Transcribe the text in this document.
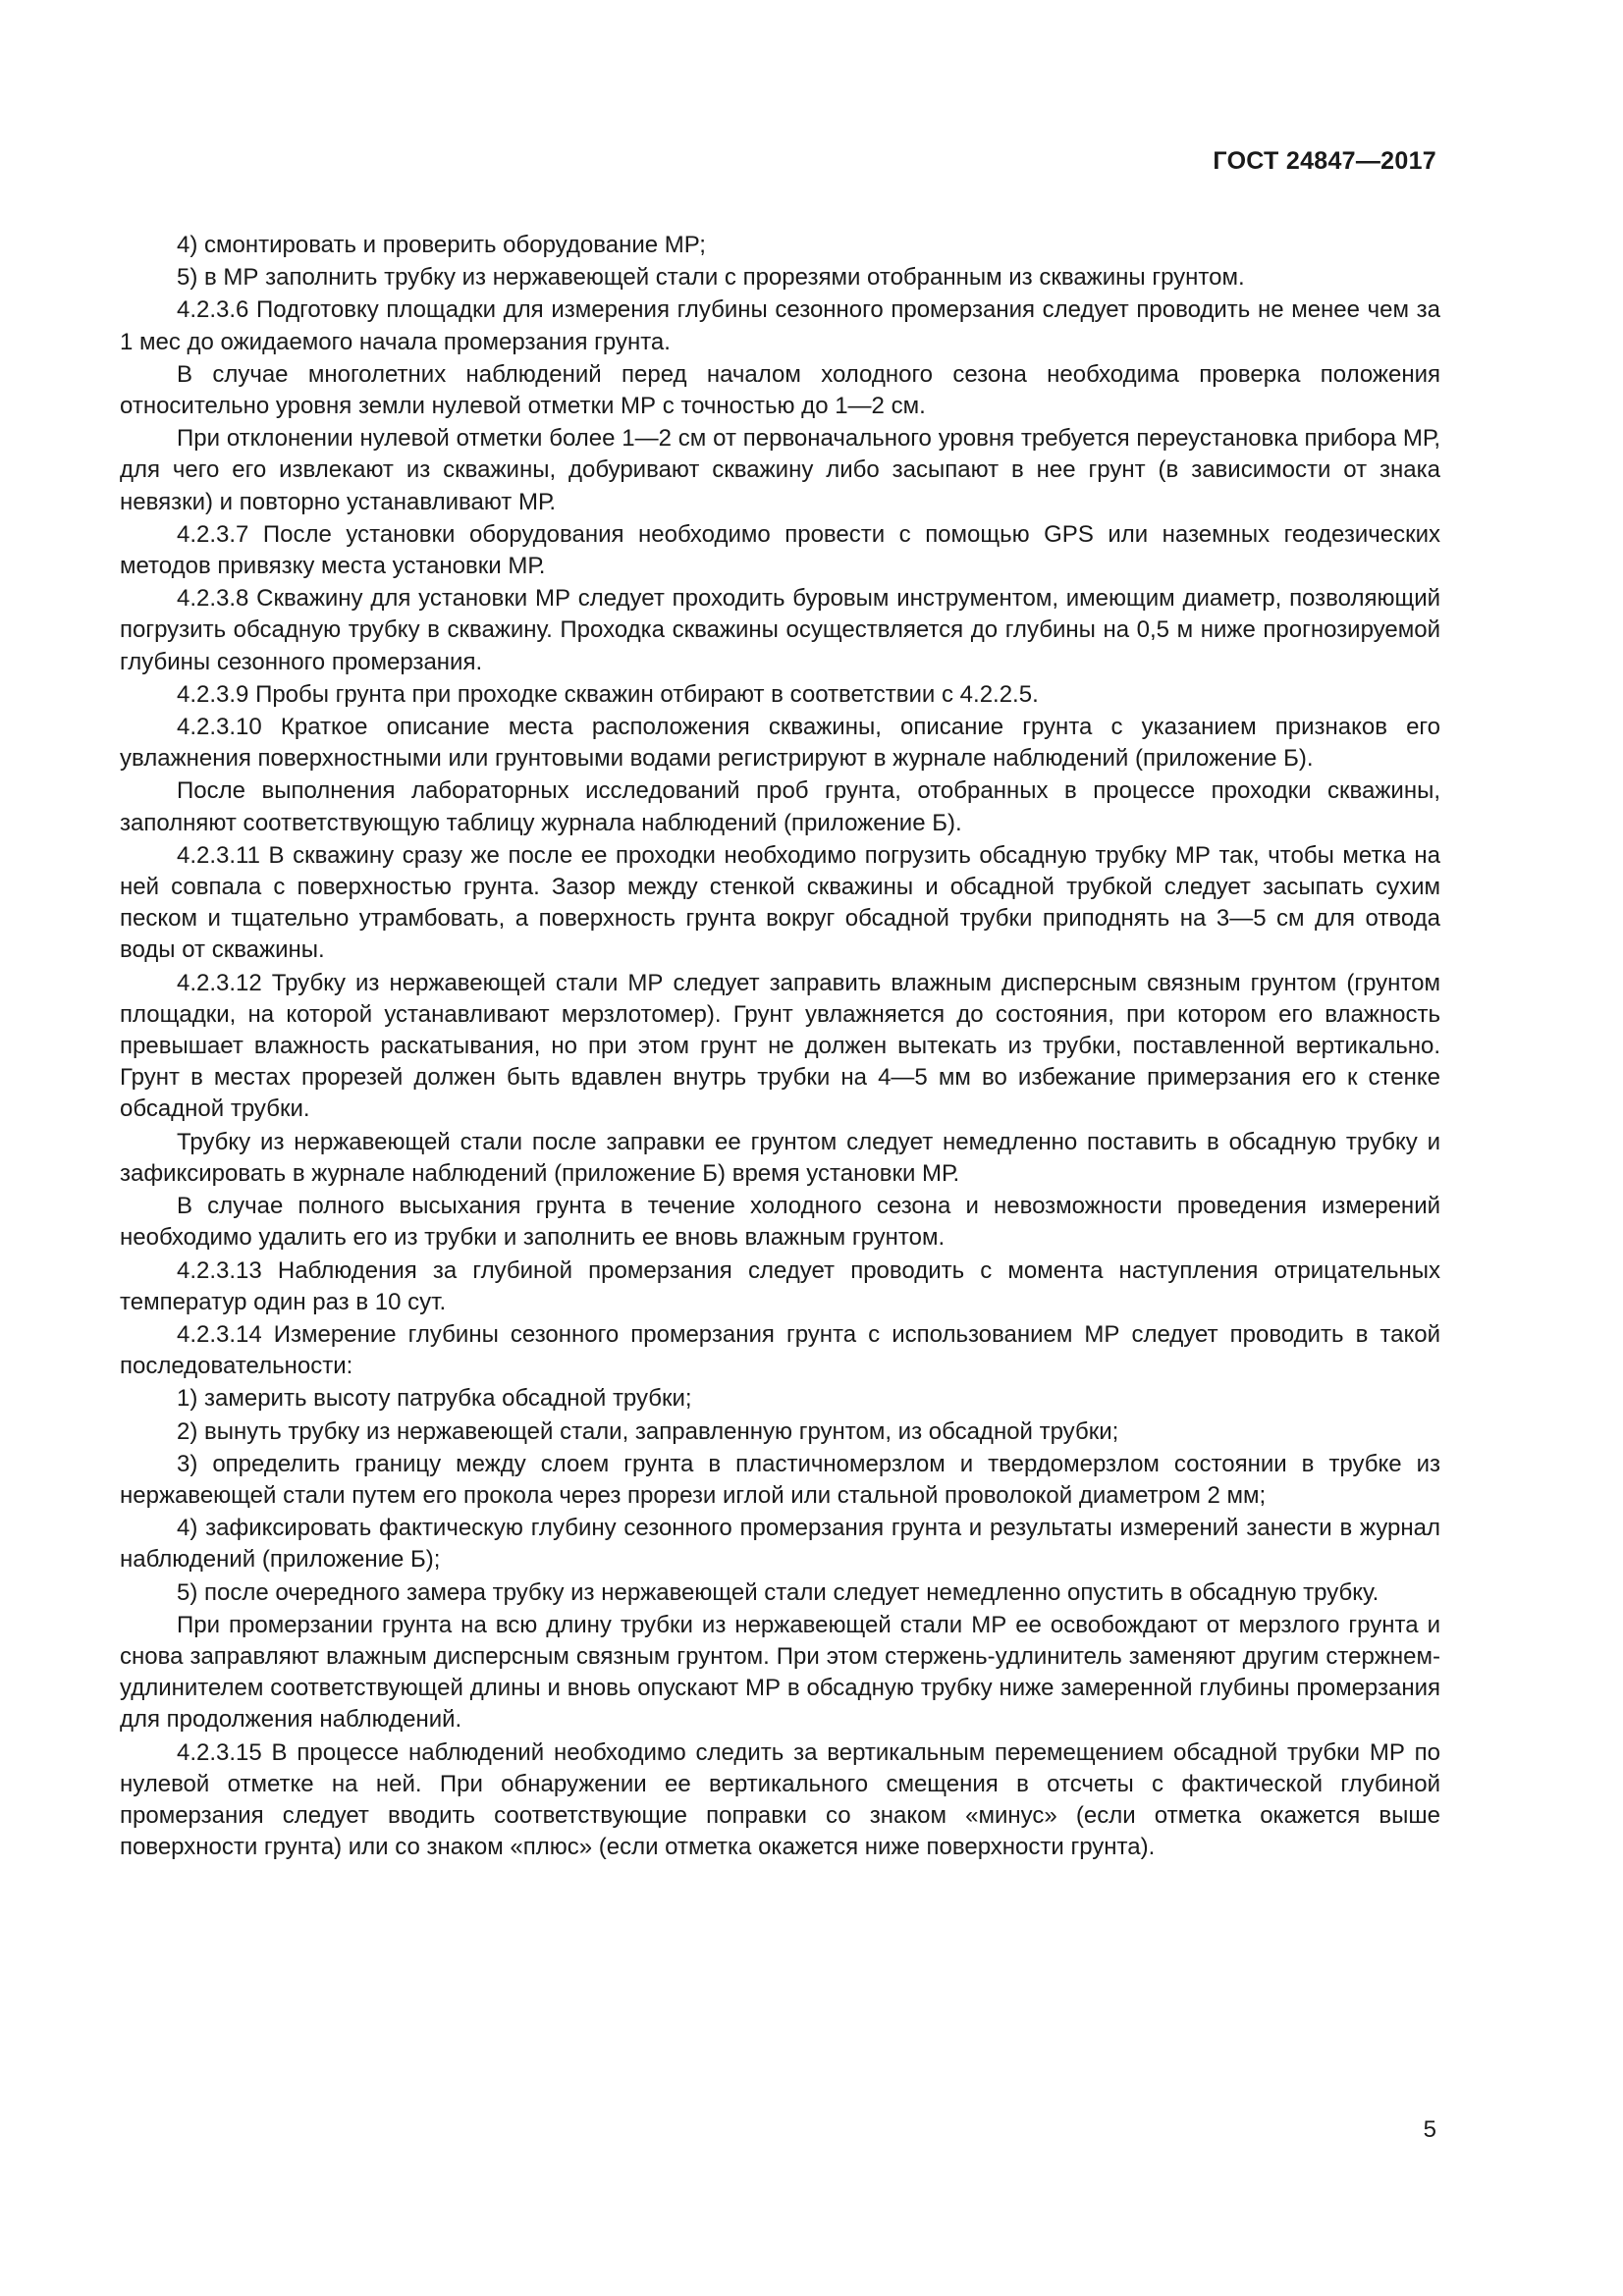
ГОСТ 24847—2017

4) смонтировать и проверить оборудование МР;

5) в МР заполнить трубку из нержавеющей стали с прорезями отобранным из скважины грунтом.

4.2.3.6 Подготовку площадки для измерения глубины сезонного промерзания следует проводить не менее чем за 1 мес до ожидаемого начала промерзания грунта.

В случае многолетних наблюдений перед началом холодного сезона необходима проверка положения относительно уровня земли нулевой отметки МР с точностью до 1—2 см.

При отклонении нулевой отметки более 1—2 см от первоначального уровня требуется переустановка прибора МР, для чего его извлекают из скважины, добуривают скважину либо засыпают в нее грунт (в зависимости от знака невязки) и повторно устанавливают МР.

4.2.3.7 После установки оборудования необходимо провести с помощью GPS или наземных геодезических методов привязку места установки МР.

4.2.3.8 Скважину для установки МР следует проходить буровым инструментом, имеющим диаметр, позволяющий погрузить обсадную трубку в скважину. Проходка скважины осуществляется до глубины на 0,5 м ниже прогнозируемой глубины сезонного промерзания.

4.2.3.9 Пробы грунта при проходке скважин отбирают в соответствии с 4.2.2.5.

4.2.3.10 Краткое описание места расположения скважины, описание грунта с указанием признаков его увлажнения поверхностными или грунтовыми водами регистрируют в журнале наблюдений (приложение Б).

После выполнения лабораторных исследований проб грунта, отобранных в процессе проходки скважины, заполняют соответствующую таблицу журнала наблюдений (приложение Б).

4.2.3.11 В скважину сразу же после ее проходки необходимо погрузить обсадную трубку МР так, чтобы метка на ней совпала с поверхностью грунта. Зазор между стенкой скважины и обсадной трубкой следует засыпать сухим песком и тщательно утрамбовать, а поверхность грунта вокруг обсадной трубки приподнять на 3—5 см для отвода воды от скважины.

4.2.3.12 Трубку из нержавеющей стали МР следует заправить влажным дисперсным связным грунтом (грунтом площадки, на которой устанавливают мерзлотомер). Грунт увлажняется до состояния, при котором его влажность превышает влажность раскатывания, но при этом грунт не должен вытекать из трубки, поставленной вертикально. Грунт в местах прорезей должен быть вдавлен внутрь трубки на 4—5 мм во избежание примерзания его к стенке обсадной трубки.

Трубку из нержавеющей стали после заправки ее грунтом следует немедленно поставить в обсадную трубку и зафиксировать в журнале наблюдений (приложение Б) время установки МР.

В случае полного высыхания грунта в течение холодного сезона и невозможности проведения измерений необходимо удалить его из трубки и заполнить ее вновь влажным грунтом.

4.2.3.13 Наблюдения за глубиной промерзания следует проводить с момента наступления отрицательных температур один раз в 10 сут.

4.2.3.14 Измерение глубины сезонного промерзания грунта с использованием МР следует проводить в такой последовательности:

1) замерить высоту патрубка обсадной трубки;

2) вынуть трубку из нержавеющей стали, заправленную грунтом, из обсадной трубки;

3) определить границу между слоем грунта в пластичномерзлом и твердомерзлом состоянии в трубке из нержавеющей стали путем его прокола через прорези иглой или стальной проволокой диаметром 2 мм;

4) зафиксировать фактическую глубину сезонного промерзания грунта и результаты измерений занести в журнал наблюдений (приложение Б);

5) после очередного замера трубку из нержавеющей стали следует немедленно опустить в обсадную трубку.

При промерзании грунта на всю длину трубки из нержавеющей стали МР ее освобождают от мерзлого грунта и снова заправляют влажным дисперсным связным грунтом. При этом стержень-удлинитель заменяют другим стержнем-удлинителем соответствующей длины и вновь опускают МР в обсадную трубку ниже замеренной глубины промерзания для продолжения наблюдений.

4.2.3.15 В процессе наблюдений необходимо следить за вертикальным перемещением обсадной трубки МР по нулевой отметке на ней. При обнаружении ее вертикального смещения в отсчеты с фактической глубиной промерзания следует вводить соответствующие поправки со знаком «минус» (если отметка окажется выше поверхности грунта) или со знаком «плюс» (если отметка окажется ниже поверхности грунта).

5
